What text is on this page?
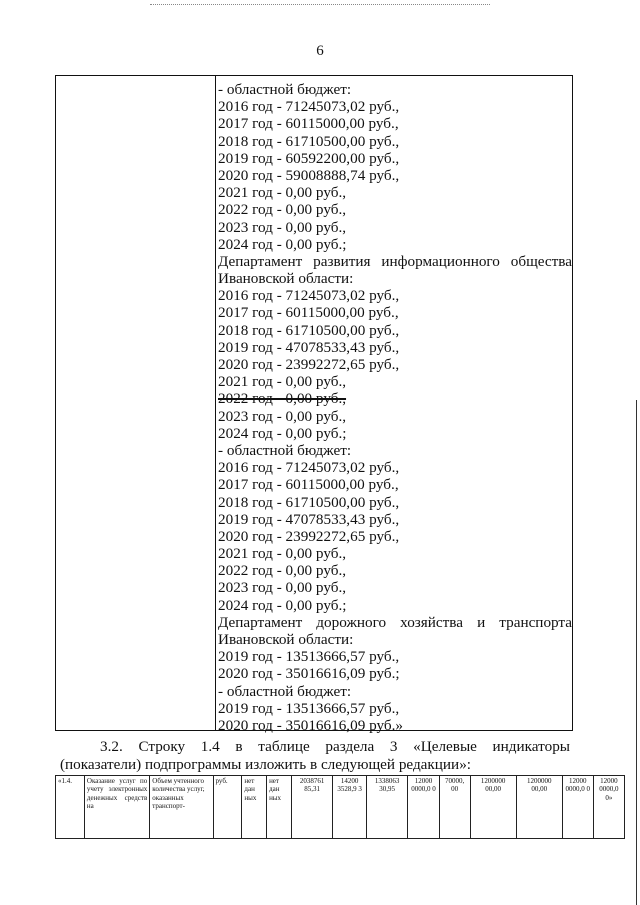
6
- областной бюджет:
2016 год - 71245073,02 руб.,
2017 год - 60115000,00 руб.,
2018 год - 61710500,00 руб.,
2019 год - 60592200,00 руб.,
2020 год - 59008888,74 руб.,
2021 год - 0,00 руб.,
2022 год - 0,00 руб.,
2023 год - 0,00 руб.,
2024 год - 0,00 руб.;
Департамент развития информационного общества
Ивановской области:
2016 год - 71245073,02 руб.,
2017 год - 60115000,00 руб.,
2018 год - 61710500,00 руб.,
2019 год - 47078533,43 руб.,
2020 год - 23992272,65 руб.,
2021 год - 0,00 руб.,
2022 год - 0,00 руб.,
2023 год - 0,00 руб.,
2024 год - 0,00 руб.;
- областной бюджет:
2016 год - 71245073,02 руб.,
2017 год - 60115000,00 руб.,
2018 год - 61710500,00 руб.,
2019 год - 47078533,43 руб.,
2020 год - 23992272,65 руб.,
2021 год - 0,00 руб.,
2022 год - 0,00 руб.,
2023 год - 0,00 руб.,
2024 год - 0,00 руб.;
Департамент дорожного хозяйства и транспорта
Ивановской области:
2019 год - 13513666,57 руб.,
2020 год - 35016616,09 руб.;
- областной бюджет:
2019 год - 13513666,57 руб.,
2020 год - 35016616,09 руб.»
3.2. Строку 1.4 в таблице раздела 3 «Целевые индикаторы
(показатели) подпрограммы изложить в следующей редакции»:
«1.4.	Оказание услуг по учету электронных денежных средств на	Объем учтенного количества услуг, оказанных транспорт-	руб.	нет дан ных	нет дан ных	2038761 85,31	14200 3528,9 3	1338063 30,95	12000 0000,0 0	70000, 00	1200000 00,00	1200000 00,00	12000 0000,0 0	12000 0000,0 0»
